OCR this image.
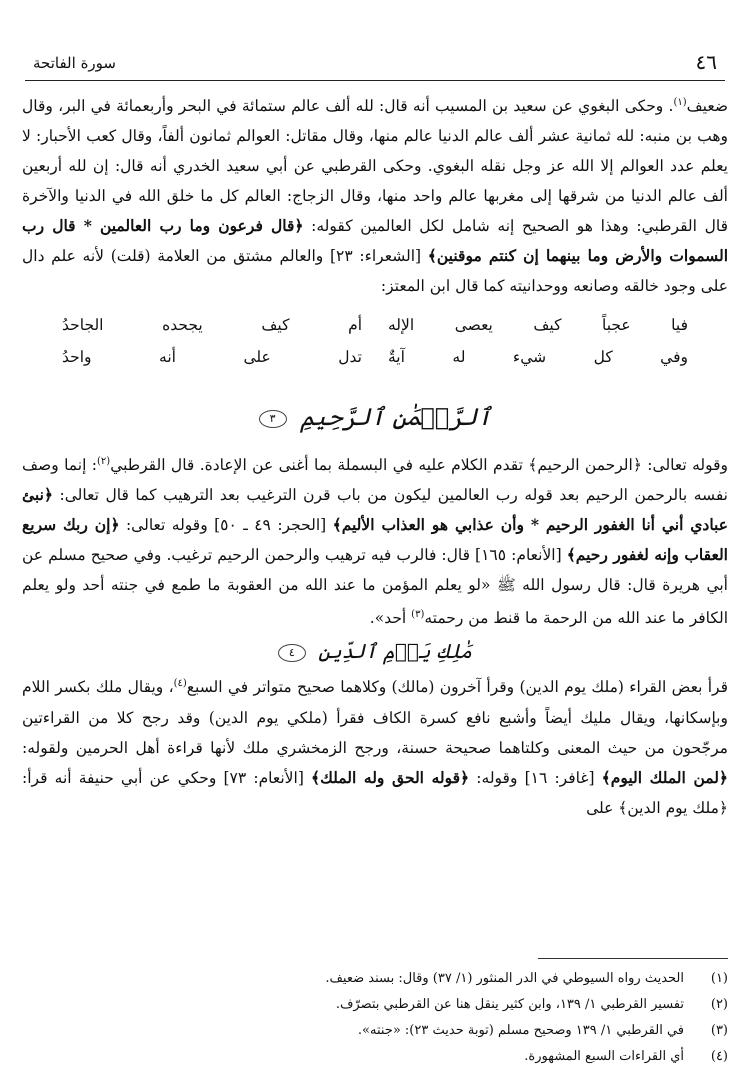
٤٦
سورة الفاتحة

ضعيف$^{(١)}$. وحكى البغوي عن سعيد بن المسيب أنه قال: لله ألف عالم ستمائة في البحر وأربعمائة في البر، وقال وهب بن منبه: لله ثمانية عشر ألف عالم الدنيا عالم منها، وقال مقاتل: العوالم ثمانون ألفاً، وقال كعب الأحبار: لا يعلم عدد العوالم إلا الله عز وجل نقله البغوي. وحكى القرطبي عن أبي سعيد الخدري أنه قال: إن لله أربعين ألف عالم الدنيا من شرقها إلى مغربها عالم واحد منها، وقال الزجاج: العالم كل ما خلق الله في الدنيا والآخرة قال القرطبي: وهذا هو الصحيح إنه شامل لكل العالمين كقوله: ﴿قال فرعون وما رب العالمين * قال رب السموات والأرض وما بينهما إن كنتم موقنين﴾ [الشعراء: ٢٣] والعالم مشتق من العلامة (قلت) لأنه علم دال على وجود خالقه وصانعه ووحدانيته كما قال ابن المعتز:

فيا عجباً كيف يعصى الإله
أم كيف يجحده الجاحدُ
وفي كل شيء له آيةٌ
تدل على أنه واحدُ
ٱلرَّحۡمَٰنِ ٱلرَّحِيمِ ٣

وقوله تعالى: ﴿الرحمن الرحيم﴾ تقدم الكلام عليه في البسملة بما أغنى عن الإعادة. قال القرطبي$^{(٢)}$: إنما وصف نفسه بالرحمن الرحيم بعد قوله رب العالمين ليكون من باب قرن الترغيب بعد الترهيب كما قال تعالى: ﴿نبئ عبادي أني أنا الغفور الرحيم * وأن عذابي هو العذاب الأليم﴾ [الحجر: ٤٩ ـ ٥٠] وقوله تعالى: ﴿إن ربك سريع العقاب وإنه لغفور رحيم﴾ [الأنعام: ١٦٥] قال: فالرب فيه ترهيب والرحمن الرحيم ترغيب. وفي صحيح مسلم عن أبي هريرة قال: قال رسول الله ﷺ «لو يعلم المؤمن ما عند الله من العقوبة ما طمع في جنته أحد ولو يعلم الكافر ما عند الله من الرحمة ما قنط من رحمته$^{(٣)}$ أحد».

مَٰلِكِ يَوۡمِ ٱلدِّينِ ٤

قرأ بعض القراء (ملك يوم الدين) وقرأ آخرون (مالك) وكلاهما صحيح متواتر في السبع$^{(٤)}$، ويقال ملك بكسر اللام وبإسكانها، ويقال مليك أيضاً وأشبع نافع كسرة الكاف فقرأ (ملكي يوم الدين) وقد رجح كلا من القراءتين مرجّحون من حيث المعنى وكلتاهما صحيحة حسنة، ورجح الزمخشري ملك لأنها قراءة أهل الحرمين ولقوله: ﴿لمن الملك اليوم﴾ [غافر: ١٦] وقوله: ﴿قوله الحق وله الملك﴾ [الأنعام: ٧٣] وحكي عن أبي حنيفة أنه قرأ: ﴿ملك يوم الدين﴾ على

(١)
الحديث رواه السيوطي في الدر المنثور (١/ ٣٧) وقال: بسند ضعيف.
(٢)
تفسير القرطبي ١/ ١٣٩، وابن كثير ينقل هنا عن القرطبي بتصرّف.
(٣)
في القرطبي ١/ ١٣٩ وصحيح مسلم (توبة حديث ٢٣): «جنته».
(٤)
أي القراءات السبع المشهورة.
